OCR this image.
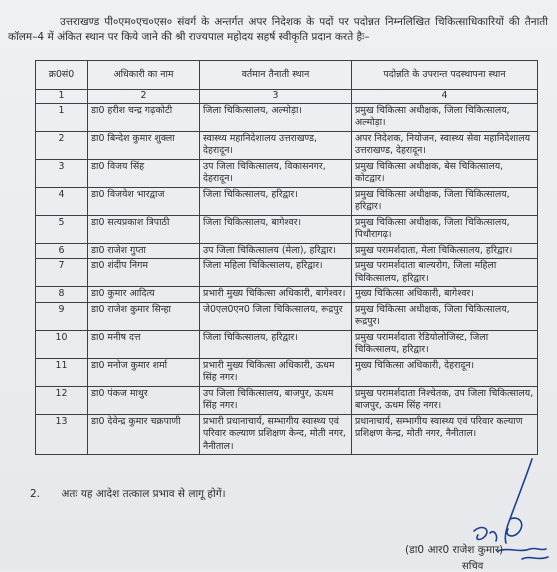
उत्तराखण्ड पी०एम०एच०एस० संवर्ग के अन्तर्गत अपर निदेशक के पदों पर पदोन्नत निम्नलिखित चिकित्साधिकारियों की तैनाती कॉलम–4 में अंकित स्थान पर किये जाने की श्री राज्यपाल महोदय सहर्ष स्वीकृति प्रदान करते हैः–

क्र0सं0	अधिकारी का नाम	वर्तमान तैनाती स्थान	पदोन्नति के उपरान्त पदस्थापना स्थान
1	2	3	4
1	डा0 हरीश चन्द्र गढ़कोटी	जिला चिकित्सालय, अल्मोड़ा।	प्रमुख चिकित्सा अधीक्षक, जिला चिकित्सालय, अल्मोड़ा।
2	डा0 बिन्देश कुमार शुक्ला	स्वास्थ्य महानिदेशालय उत्तराखण्ड, देहरादून।	अपर निदेशक, नियोजन, स्वास्थ्य सेवा महानिदेशालय उत्तराखण्ड, देहरादून।
3	डा0 विजय सिंह	उप जिला चिकित्सालय, विकासनगर, देहरादून।	प्रमुख चिकित्सा अधीक्षक, बेस चिकित्सालय, कोटद्वार।
4	डा0 विजयेश भारद्वाज	जिला चिकित्सालय, हरिद्वार।	प्रमुख चिकित्सा अधीक्षक, जिला चिकित्सालय, हरिद्वार।
5	डा0 सत्यप्रकाश त्रिपाठी	जिला चिकित्सालय, बागेश्वर।	प्रमुख चिकित्सा अधीक्षक, जिला चिकित्सालय, पिथौरागढ़।
6	डा0 राजेश गुप्ता	उप जिला चिकित्सालय (मेला), हरिद्वार।	प्रमुख परामर्शदाता, मेला चिकित्सालय, हरिद्वार।
7	डा0 शंदीप निगम	जिला महिला चिकित्सालय, हरिद्वार।	प्रमुख परामर्शदाता बाल्यरोग, जिला महिला चिकित्सालय, हरिद्वार।
8	डा0 कुमार आदित्य	प्रभारी मुख्य चिकित्सा अधिकारी, बागेश्वर।	मुख्य चिकित्सा अधिकारी, बागेश्वर।
9	डा0 राजेश कुमार सिन्हा	जे0एल0एन0 जिला चिकित्सालय, रूद्रपुर	प्रमुख चिकित्सा अधीक्षक, जिला चिकित्सालय, रूद्रपुर।
10	डा0 मनीष दत्त	जिला चिकित्सालय, हरिद्वार।	प्रमुख परामर्शदाता रेडियोलोजिस्ट, जिला चिकित्सालय, हरिद्वार।
11	डा0 मनोज कुमार शर्मा	प्रभारी मुख्य चिकित्सा अधिकारी, ऊधम सिंह नगर।	मुख्य चिकित्सा अधिकारी, देहरादून।
12	डा0 पंकज माथुर	उप जिला चिकित्सालय, बाजपुर, ऊधम सिंह नगर।	प्रमुख परामर्शदाता निश्चेतक, उप जिला चिकित्सालय, बाजपुर, ऊधम सिंह नगर।
13	डा0 देवेन्द्र कुमार चक्रपाणी	प्रभारी प्रधानाचार्य, सम्भागीय स्वास्थ्य एवं परिवार कल्याण प्रशिक्षण केन्द, मोती नगर, नैनीताल।	प्रधानाचार्य, सम्भागीय स्वास्थ्य एवं परिवार कल्याण प्रशिक्षण केन्द्र, मोती नगर, नैनीताल।
2. अतः यह आदेश तत्काल प्रभाव से लागू होगें।
(डा0 आर0 राजेश कुमार)
सचिव
